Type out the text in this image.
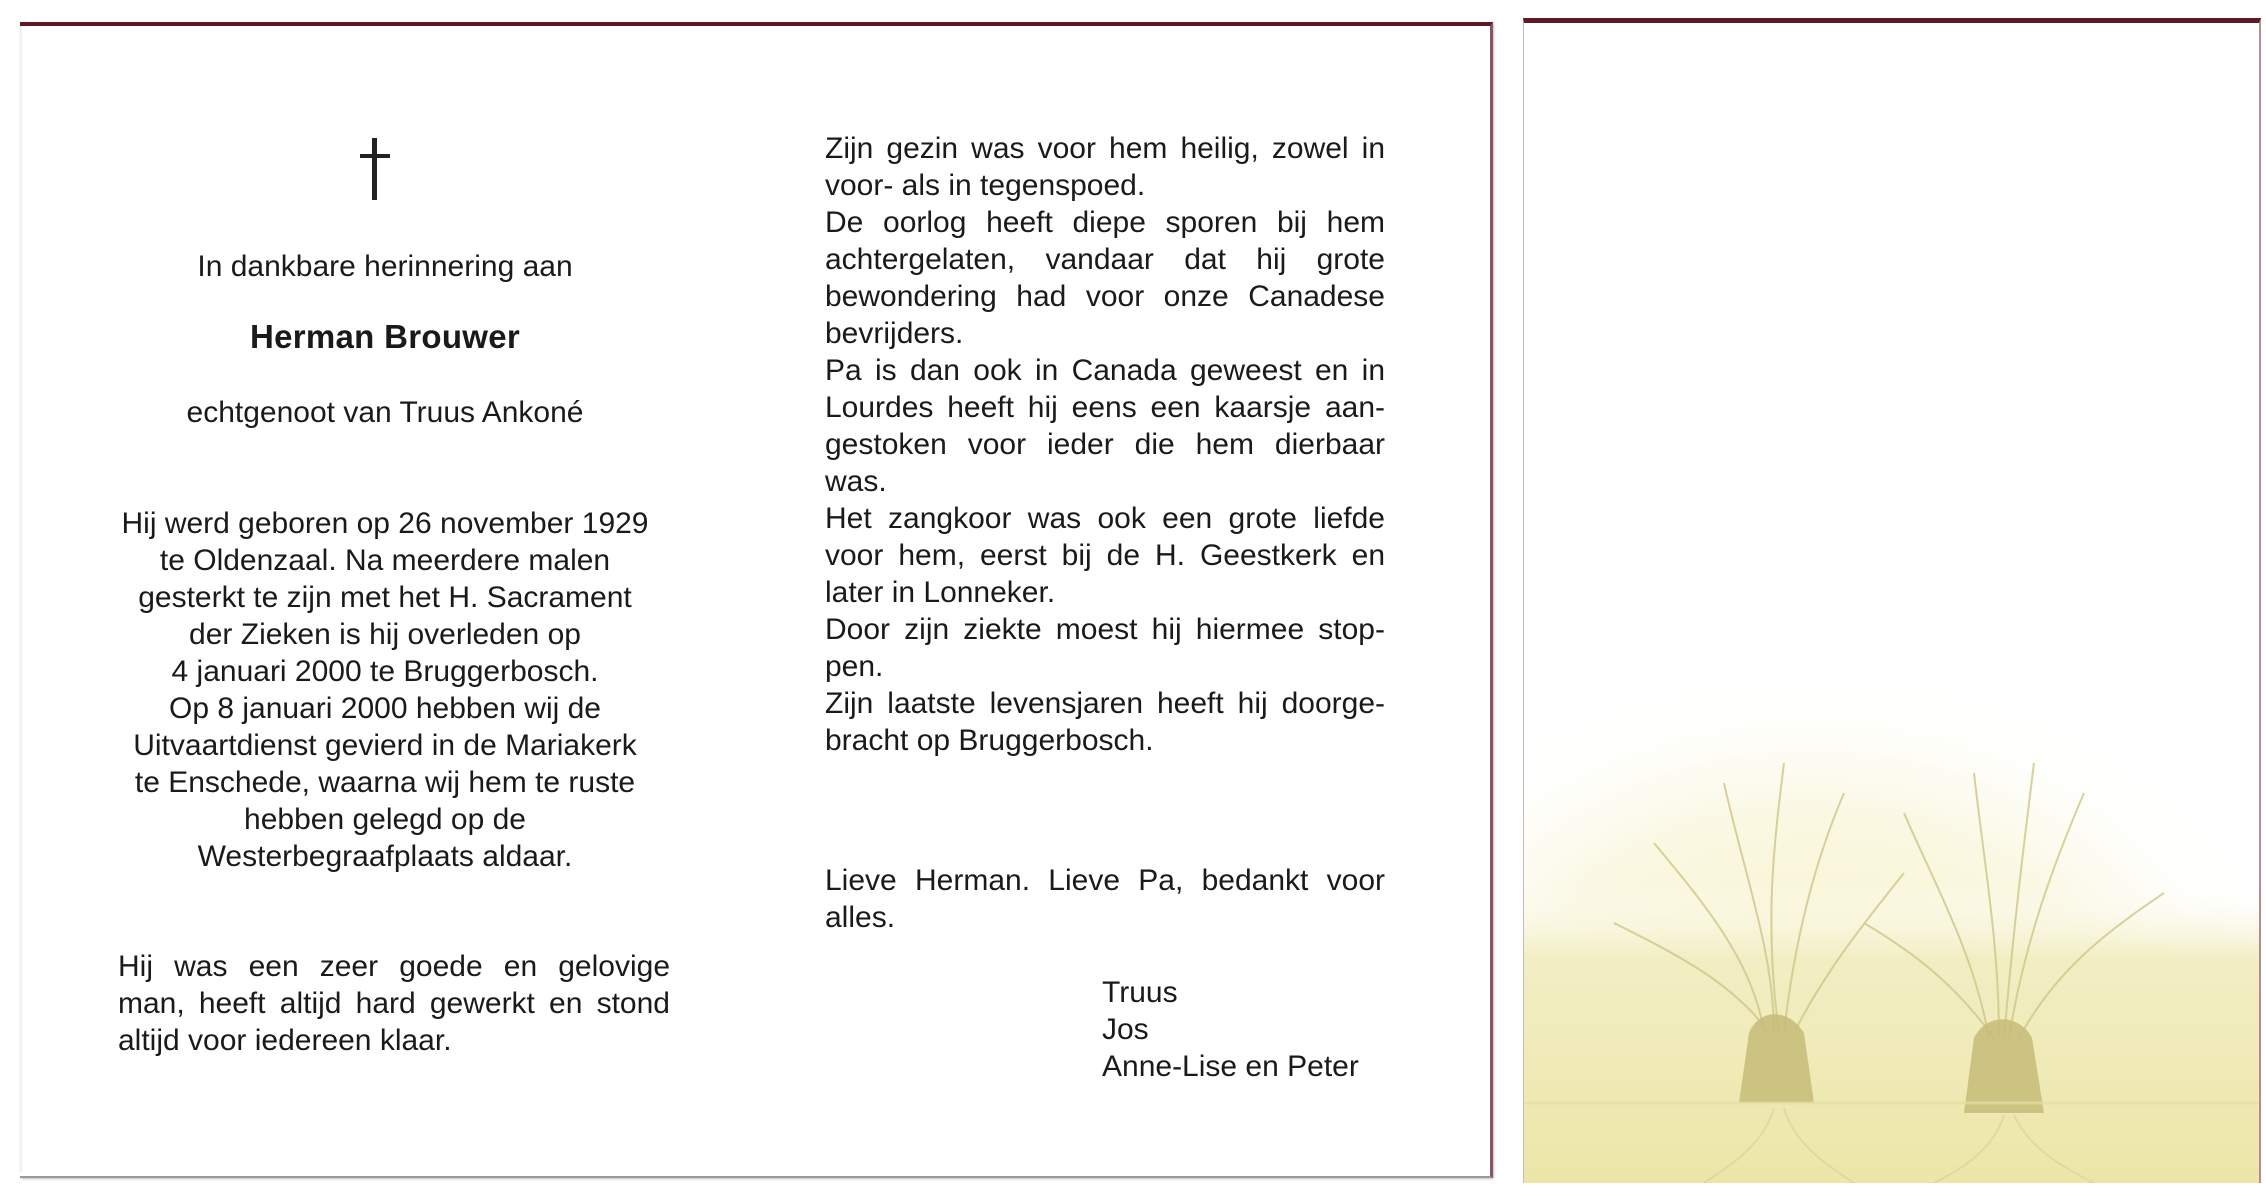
In dankbare herinnering aan
Herman Brouwer
echtgenoot van Truus Ankoné

Hij werd geboren op 26 november 1929

te Oldenzaal. Na meerdere malen

gesterkt te zijn met het H. Sacrament

der Zieken is hij overleden op

4 januari 2000 te Bruggerbosch.

Op 8 januari 2000 hebben wij de

Uitvaartdienst gevierd in de Mariakerk

te Enschede, waarna wij hem te ruste

hebben gelegd op de

Westerbegraafplaats aldaar.

Hij was een zeer goede en gelovige
man, heeft altijd hard gewerkt en stond
altijd voor iedereen klaar.

Zijn gezin was voor hem heilig, zowel in

voor- als in tegenspoed.

De oorlog heeft diepe sporen bij hem

achtergelaten, vandaar dat hij grote

bewondering had voor onze Canadese

bevrijders.

Pa is dan ook in Canada geweest en in

Lourdes heeft hij eens een kaarsje aan-

gestoken voor ieder die hem dierbaar

was.

Het zangkoor was ook een grote liefde

voor hem, eerst bij de H. Geestkerk en

later in Lonneker.

Door zijn ziekte moest hij hiermee stop-

pen.

Zijn laatste levensjaren heeft hij doorge-

bracht op Bruggerbosch.

Lieve Herman. Lieve Pa, bedankt voor

alles.

Truus
Jos
Anne-Lise en Peter
